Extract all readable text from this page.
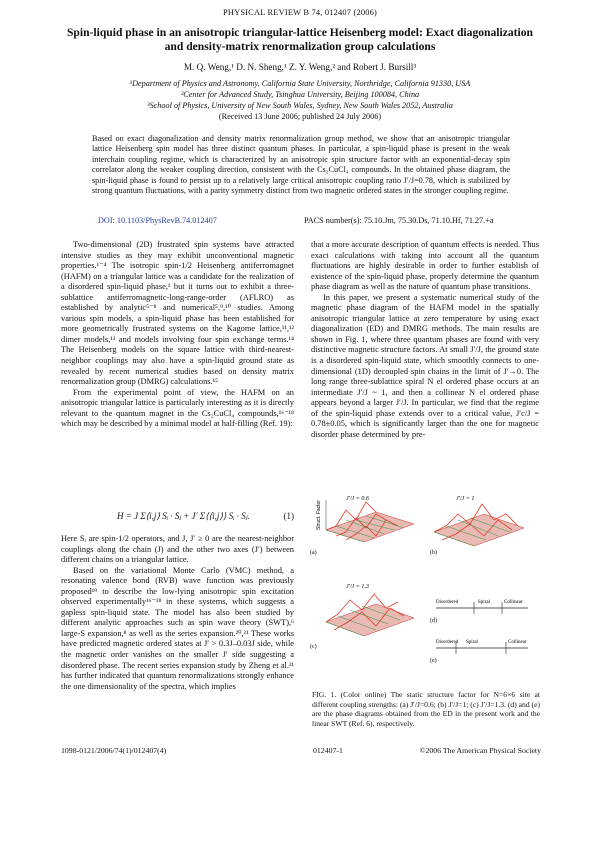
PHYSICAL REVIEW B 74, 012407 (2006)
Spin-liquid phase in an anisotropic triangular-lattice Heisenberg model: Exact diagonalization
and density-matrix renormalization group calculations
M. Q. Weng,¹ D. N. Sheng,¹ Z. Y. Weng,² and Robert J. Bursill³
¹Department of Physics and Astronomy, California State University, Northridge, California 91330, USA
²Center for Advanced Study, Tsinghua University, Beijing 100084, China
³School of Physics, University of New South Wales, Sydney, New South Wales 2052, Australia
(Received 13 June 2006; published 24 July 2006)
Based on exact diagonalization and density matrix renormalization group method, we show that an anisotropic triangular lattice Heisenberg spin model has three distinct quantum phases. In particular, a spin-liquid phase is present in the weak interchain coupling regime, which is characterized by an anisotropic spin structure factor with an exponential-decay spin correlator along the weaker coupling direction, consistent with the Cs₂CuCl₄ compounds. In the obtained phase diagram, the spin-liquid phase is found to persist up to a relatively large critical anisotropic coupling ratio J′/J=0.78, which is stabilized by strong quantum fluctuations, with a parity symmetry distinct from two magnetic ordered states in the stronger coupling regime.
DOI: 10.1103/PhysRevB.74.012407	PACS number(s): 75.10.Jm, 75.30.Ds, 71.10.Hf, 71.27.+a

Two-dimensional (2D) frustrated spin systems have attracted intensive studies as they may exhibit unconventional magnetic properties.¹⁻⁴ The isotropic spin-1/2 Heisenberg antiferromagnet (HAFM) on a triangular lattice was a candidate for the realization of a disordered spin-liquid phase,¹ but it turns out to exhibit a three-sublattice antiferromagnetic-long-range-order (AFLRO) as established by analytic⁵⁻⁸ and numerical⁵,⁹,¹⁰ studies. Among various spin models, a spin-liquid phase has been established for more geometrically frustrated systems on the Kagome lattice,¹¹,¹² dimer models,¹³ and models involving four spin exchange terms.¹⁴ The Heisenberg models on the square lattice with third-nearest-neighbor couplings may also have a spin-liquid ground state as revealed by recent numerical studies based on density matrix renormalization group (DMRG) calculations.¹⁵

From the experimental point of view, the HAFM on an anisotropic triangular lattice is particularly interesting as it is directly relevant to the quantum magnet in the Cs₂CuCl₄ compounds,¹⁶⁻¹⁸ which may be described by a minimal model at half-filling (Ref. 19):

H = J Σ⟨i,j⟩ Sᵢ · Sⱼ + J′ Σ⟨⟨i,j⟩⟩ Sᵢ · Sⱼ.	(1)

Here Sᵢ are spin-1/2 operators, and J, J′ ≥ 0 are the nearest-neighbor couplings along the chain (J) and the other two axes (J′) between different chains on a triangular lattice.

Based on the variational Monte Carlo (VMC) method, a resonating valence bond (RVB) wave function was previously proposed¹⁹ to describe the low-lying anisotropic spin excitation observed experimentally¹⁶⁻¹⁸ in these systems, which suggests a gapless spin-liquid state. The model has also been studied by different analytic approaches such as spin wave theory (SWT),⁶ large-S expansion,⁸ as well as the series expansion.²⁰,²¹ These works have predicted magnetic ordered states at J′ > 0.3J–0.03J side, while the magnetic order vanishes on the smaller J′ side suggesting a disordered phase. The recent series expansion study by Zheng et al.²¹ has further indicated that quantum renormalizations strongly enhance the one dimensionality of the spectra, which implies

that a more accurate description of quantum effects is needed. Thus exact calculations with taking into account all the quantum fluctuations are highly desirable in order to further establish of existence of the spin-liquid phase, properly determine the quantum phase diagram as well as the nature of quantum phase transitions.

In this paper, we present a systematic numerical study of the magnetic phase diagram of the HAFM model in the spatially anisotropic triangular lattice at zero temperature by using exact diagonalization (ED) and DMRG methods. The main results are shown in Fig. 1, where three quantum phases are found with very distinctive magnetic structure factors. At small J′/J, the ground state is a disordered spin-liquid state, which smoothly connects to one-dimensional (1D) decoupled spin chains in the limit of J′→0. The long range three-sublattice spiral N el ordered phase occurs at an intermediate J′/J ~ 1, and then a collinear N el ordered phase appears beyond a larger J′/J. In particular, we find that the regime of the spin-liquid phase extends over to a critical value, J′c/J = 0.78±0.05, which is significantly larger than the one for magnetic disorder phase determined by pre-

Struct. Factor
J′/J = 0.6
(a)
J′/J = 1
(b)
J′/J = 1.3
(c)
Disordered	Spiral	Collinear
(d)
Disordered Spiral	Collinear
(e)
FIG. 1. (Color online) The static structure factor for N=6×6 site at different coupling strengths: (a) J′/J=0.6; (b) J′/J=1; (c) J′/J=1.3. (d) and (e) are the phase diagrams obtained from the ED in the present work and the linear SWT (Ref. 6), respectively.
1098-0121/2006/74(1)/012407(4)	012407-1	©2006 The American Physical Society
